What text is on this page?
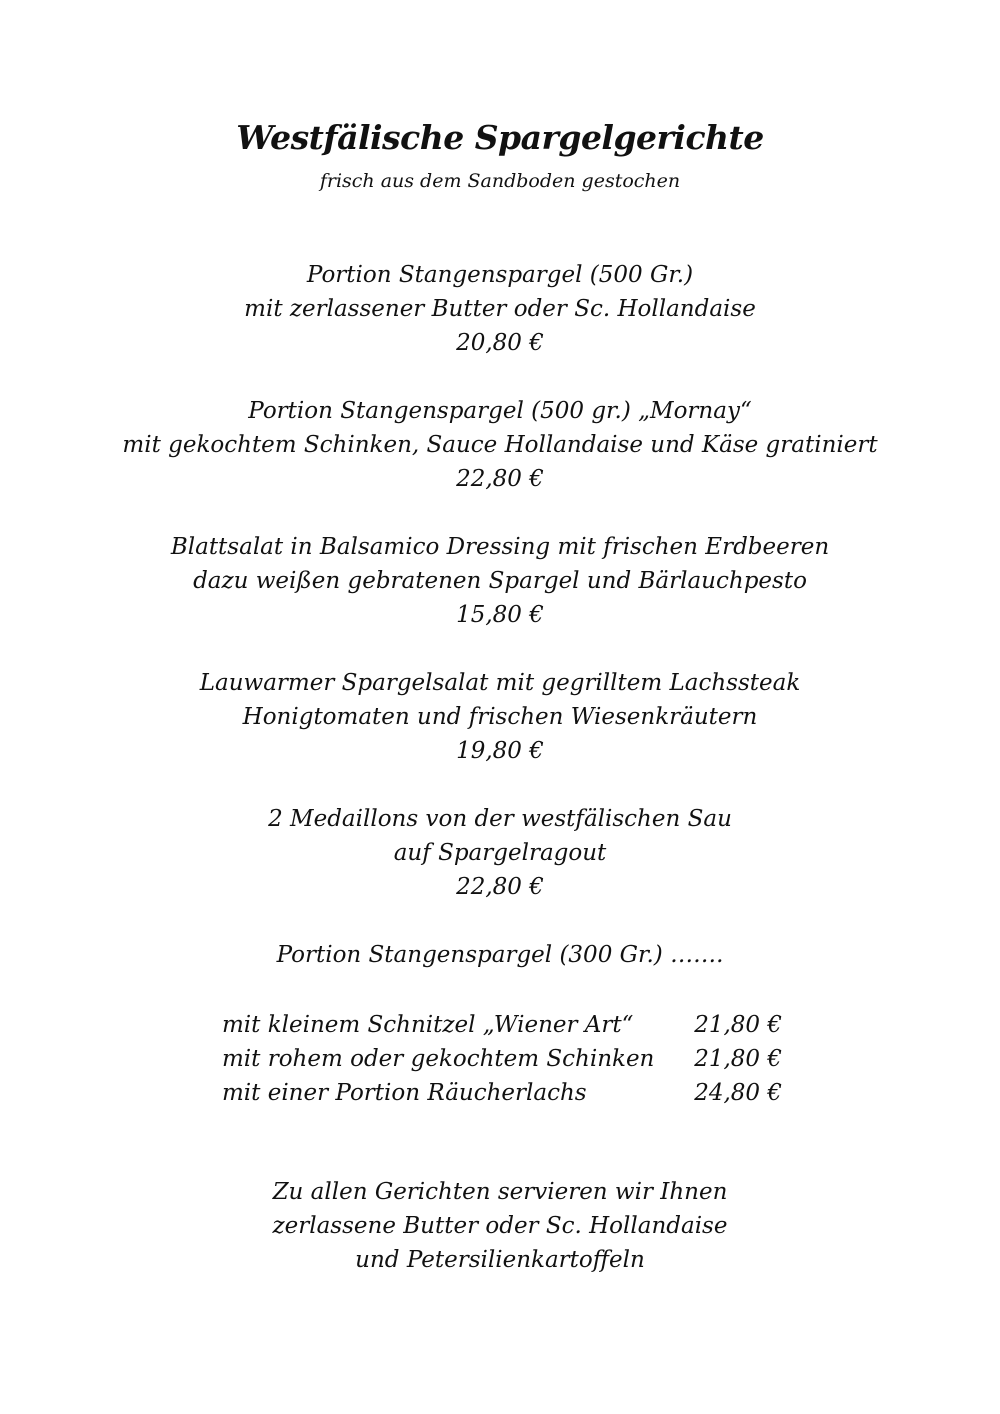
Westfälische Spargelgerichte
frisch aus dem Sandboden gestochen
Portion Stangenspargel (500 Gr.)
mit zerlassener Butter oder Sc. Hollandaise
20,80 €
Portion Stangenspargel (500 gr.) „Mornay“
mit gekochtem Schinken, Sauce Hollandaise und Käse gratiniert
22,80 €
Blattsalat in Balsamico Dressing mit frischen Erdbeeren
dazu weißen gebratenen Spargel und Bärlauchpesto
15,80 €
Lauwarmer Spargelsalat mit gegrilltem Lachssteak
Honigtomaten und frischen Wiesenkräutern
19,80 €
2 Medaillons von der westfälischen Sau
auf Spargelragout
22,80 €
Portion Stangenspargel (300 Gr.) …….
mit kleinem Schnitzel „Wiener Art“	21,80 €
mit rohem oder gekochtem Schinken 21,80 €
mit einer Portion Räucherlachs	24,80 €
Zu allen Gerichten servieren wir Ihnen
zerlassene Butter oder Sc. Hollandaise
und Petersilienkartoffeln
